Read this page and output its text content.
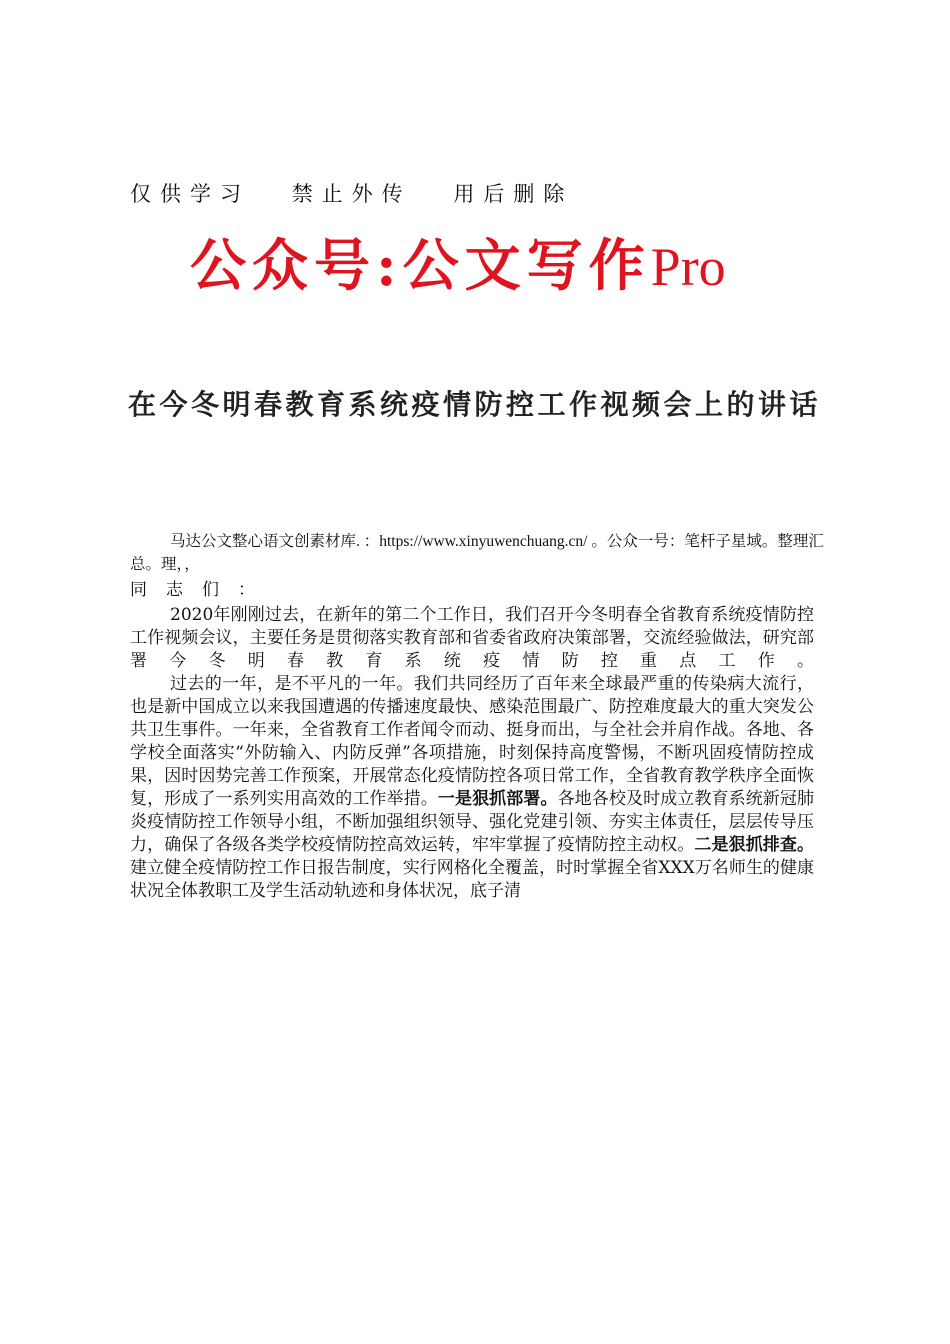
仅供学习 禁止外传 用后删除
公众号:公文写作Pro
在今冬明春教育系统疫情防控工作视频会上的讲话
马达公文整心语文创素材库. ：https://www.xinyuwenchuang.cn/ 。公众一号：笔杆子星域。整理汇总。理，，
同志们：

2020年刚刚过去，在新年的第二个工作日，我们召开今冬明春全省教育系统疫情防控工作视频会议，主要任务是贯彻落实教育部和省委省政府决策部署，交流经验做法，研究部署今冬明春教育系统疫情防控重点工作。

过去的一年，是不平凡的一年。我们共同经历了百年来全球最严重的传染病大流行，也是新中国成立以来我国遭遇的传播速度最快、感染范围最广、防控难度最大的重大突发公共卫生事件。一年来，全省教育工作者闻令而动、挺身而出，与全社会并肩作战。各地、各学校全面落实“外防输入、内防反弹”各项措施，时刻保持高度警惕，不断巩固疫情防控成果，因时因势完善工作预案，开展常态化疫情防控各项日常工作，全省教育教学秩序全面恢复，形成了一系列实用高效的工作举措。一是狠抓部署。各地各校及时成立教育系统新冠肺炎疫情防控工作领导小组，不断加强组织领导、强化党建引领、夯实主体责任，层层传导压力，确保了各级各类学校疫情防控高效运转，牢牢掌握了疫情防控主动权。二是狠抓排查。建立健全疫情防控工作日报告制度，实行网格化全覆盖，时时掌握全省XXX万名师生的健康状况全体教职工及学生活动轨迹和身体状况，底子清
